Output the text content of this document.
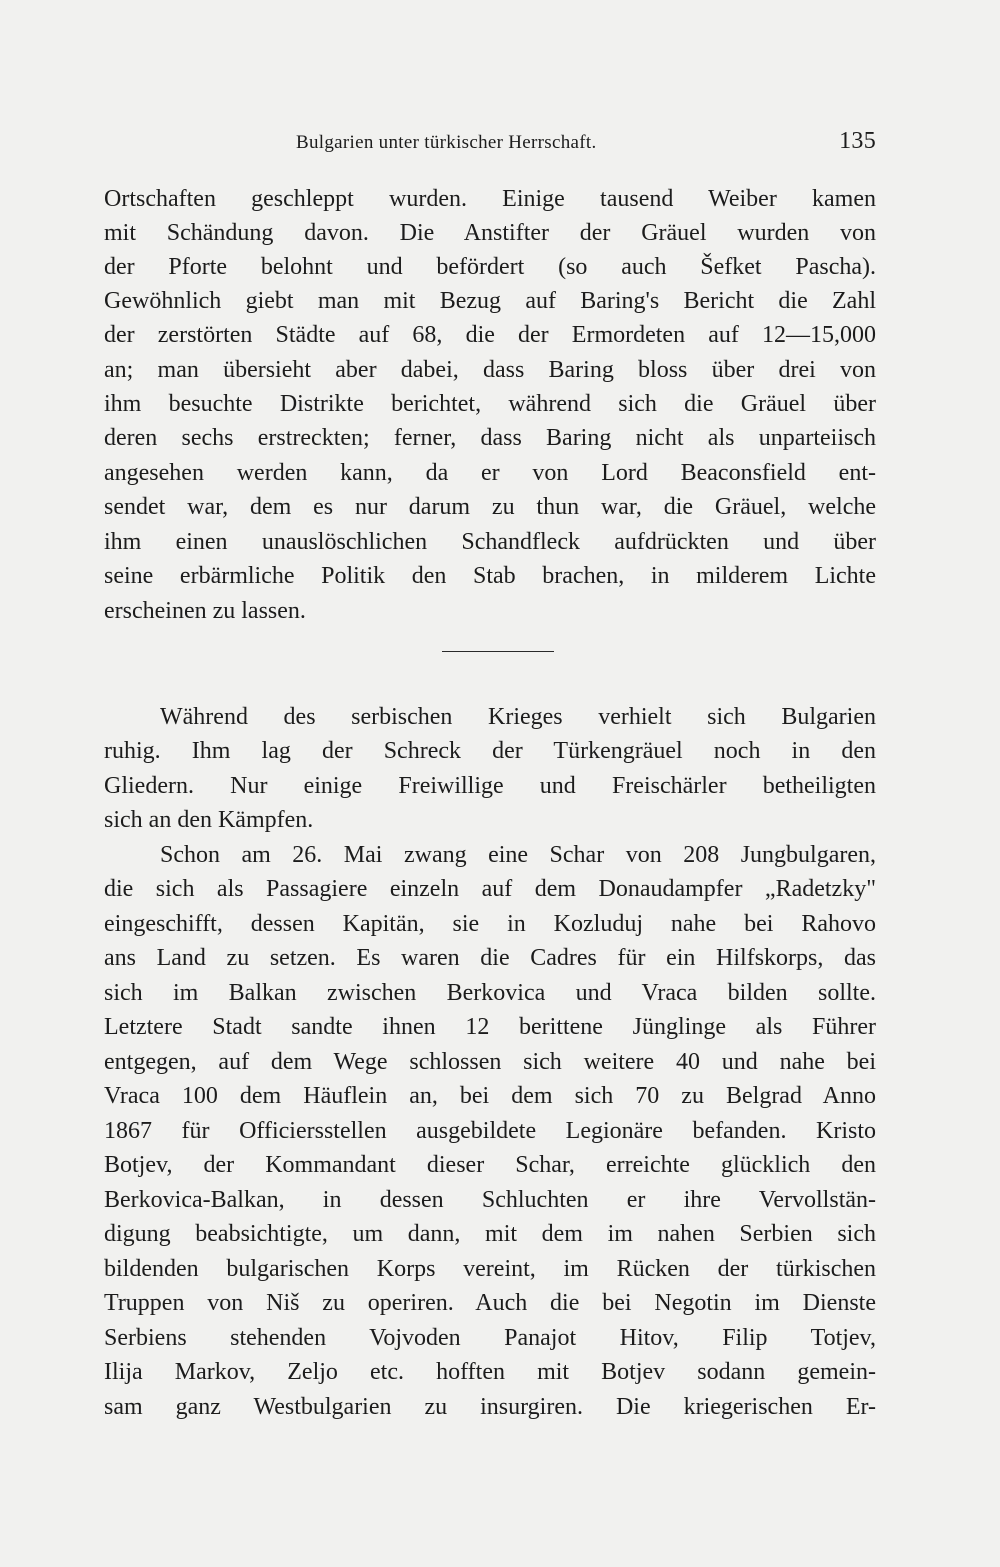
Bulgarien unter türkischer Herrschaft.	135
Ortschaften geschleppt wurden. Einige tausend Weiber kamen
mit Schändung davon. Die Anstifter der Gräuel wurden von
der Pforte belohnt und befördert (so auch Šefket Pascha).
Gewöhnlich giebt man mit Bezug auf Baring's Bericht die Zahl
der zerstörten Städte auf 68, die der Ermordeten auf 12—15,000
an; man übersieht aber dabei, dass Baring bloss über drei von
ihm besuchte Distrikte berichtet, während sich die Gräuel über
deren sechs erstreckten; ferner, dass Baring nicht als unparteiisch
angesehen werden kann, da er von Lord Beaconsfield ent-
sendet war, dem es nur darum zu thun war, die Gräuel, welche
ihm einen unauslöschlichen Schandfleck aufdrückten und über
seine erbärmliche Politik den Stab brachen, in milderem Lichte
erscheinen zu lassen.
Während des serbischen Krieges verhielt sich Bulgarien
ruhig. Ihm lag der Schreck der Türkengräuel noch in den
Gliedern. Nur einige Freiwillige und Freischärler betheiligten
sich an den Kämpfen.
Schon am 26. Mai zwang eine Schar von 208 Jungbulgaren,
die sich als Passagiere einzeln auf dem Donaudampfer „Radetzky"
eingeschifft, dessen Kapitän, sie in Kozluduj nahe bei Rahovo
ans Land zu setzen. Es waren die Cadres für ein Hilfskorps, das
sich im Balkan zwischen Berkovica und Vraca bilden sollte.
Letztere Stadt sandte ihnen 12 berittene Jünglinge als Führer
entgegen, auf dem Wege schlossen sich weitere 40 und nahe bei
Vraca 100 dem Häuflein an, bei dem sich 70 zu Belgrad Anno
1867 für Officiersstellen ausgebildete Legionäre befanden. Kristo
Botjev, der Kommandant dieser Schar, erreichte glücklich den
Berkovica-Balkan, in dessen Schluchten er ihre Vervollstän-
digung beabsichtigte, um dann, mit dem im nahen Serbien sich
bildenden bulgarischen Korps vereint, im Rücken der türkischen
Truppen von Niš zu operiren. Auch die bei Negotin im Dienste
Serbiens stehenden Vojvoden Panajot Hitov, Filip Totjev,
Ilija Markov, Zeljo etc. hofften mit Botjev sodann gemein-
sam ganz Westbulgarien zu insurgiren. Die kriegerischen Er-
